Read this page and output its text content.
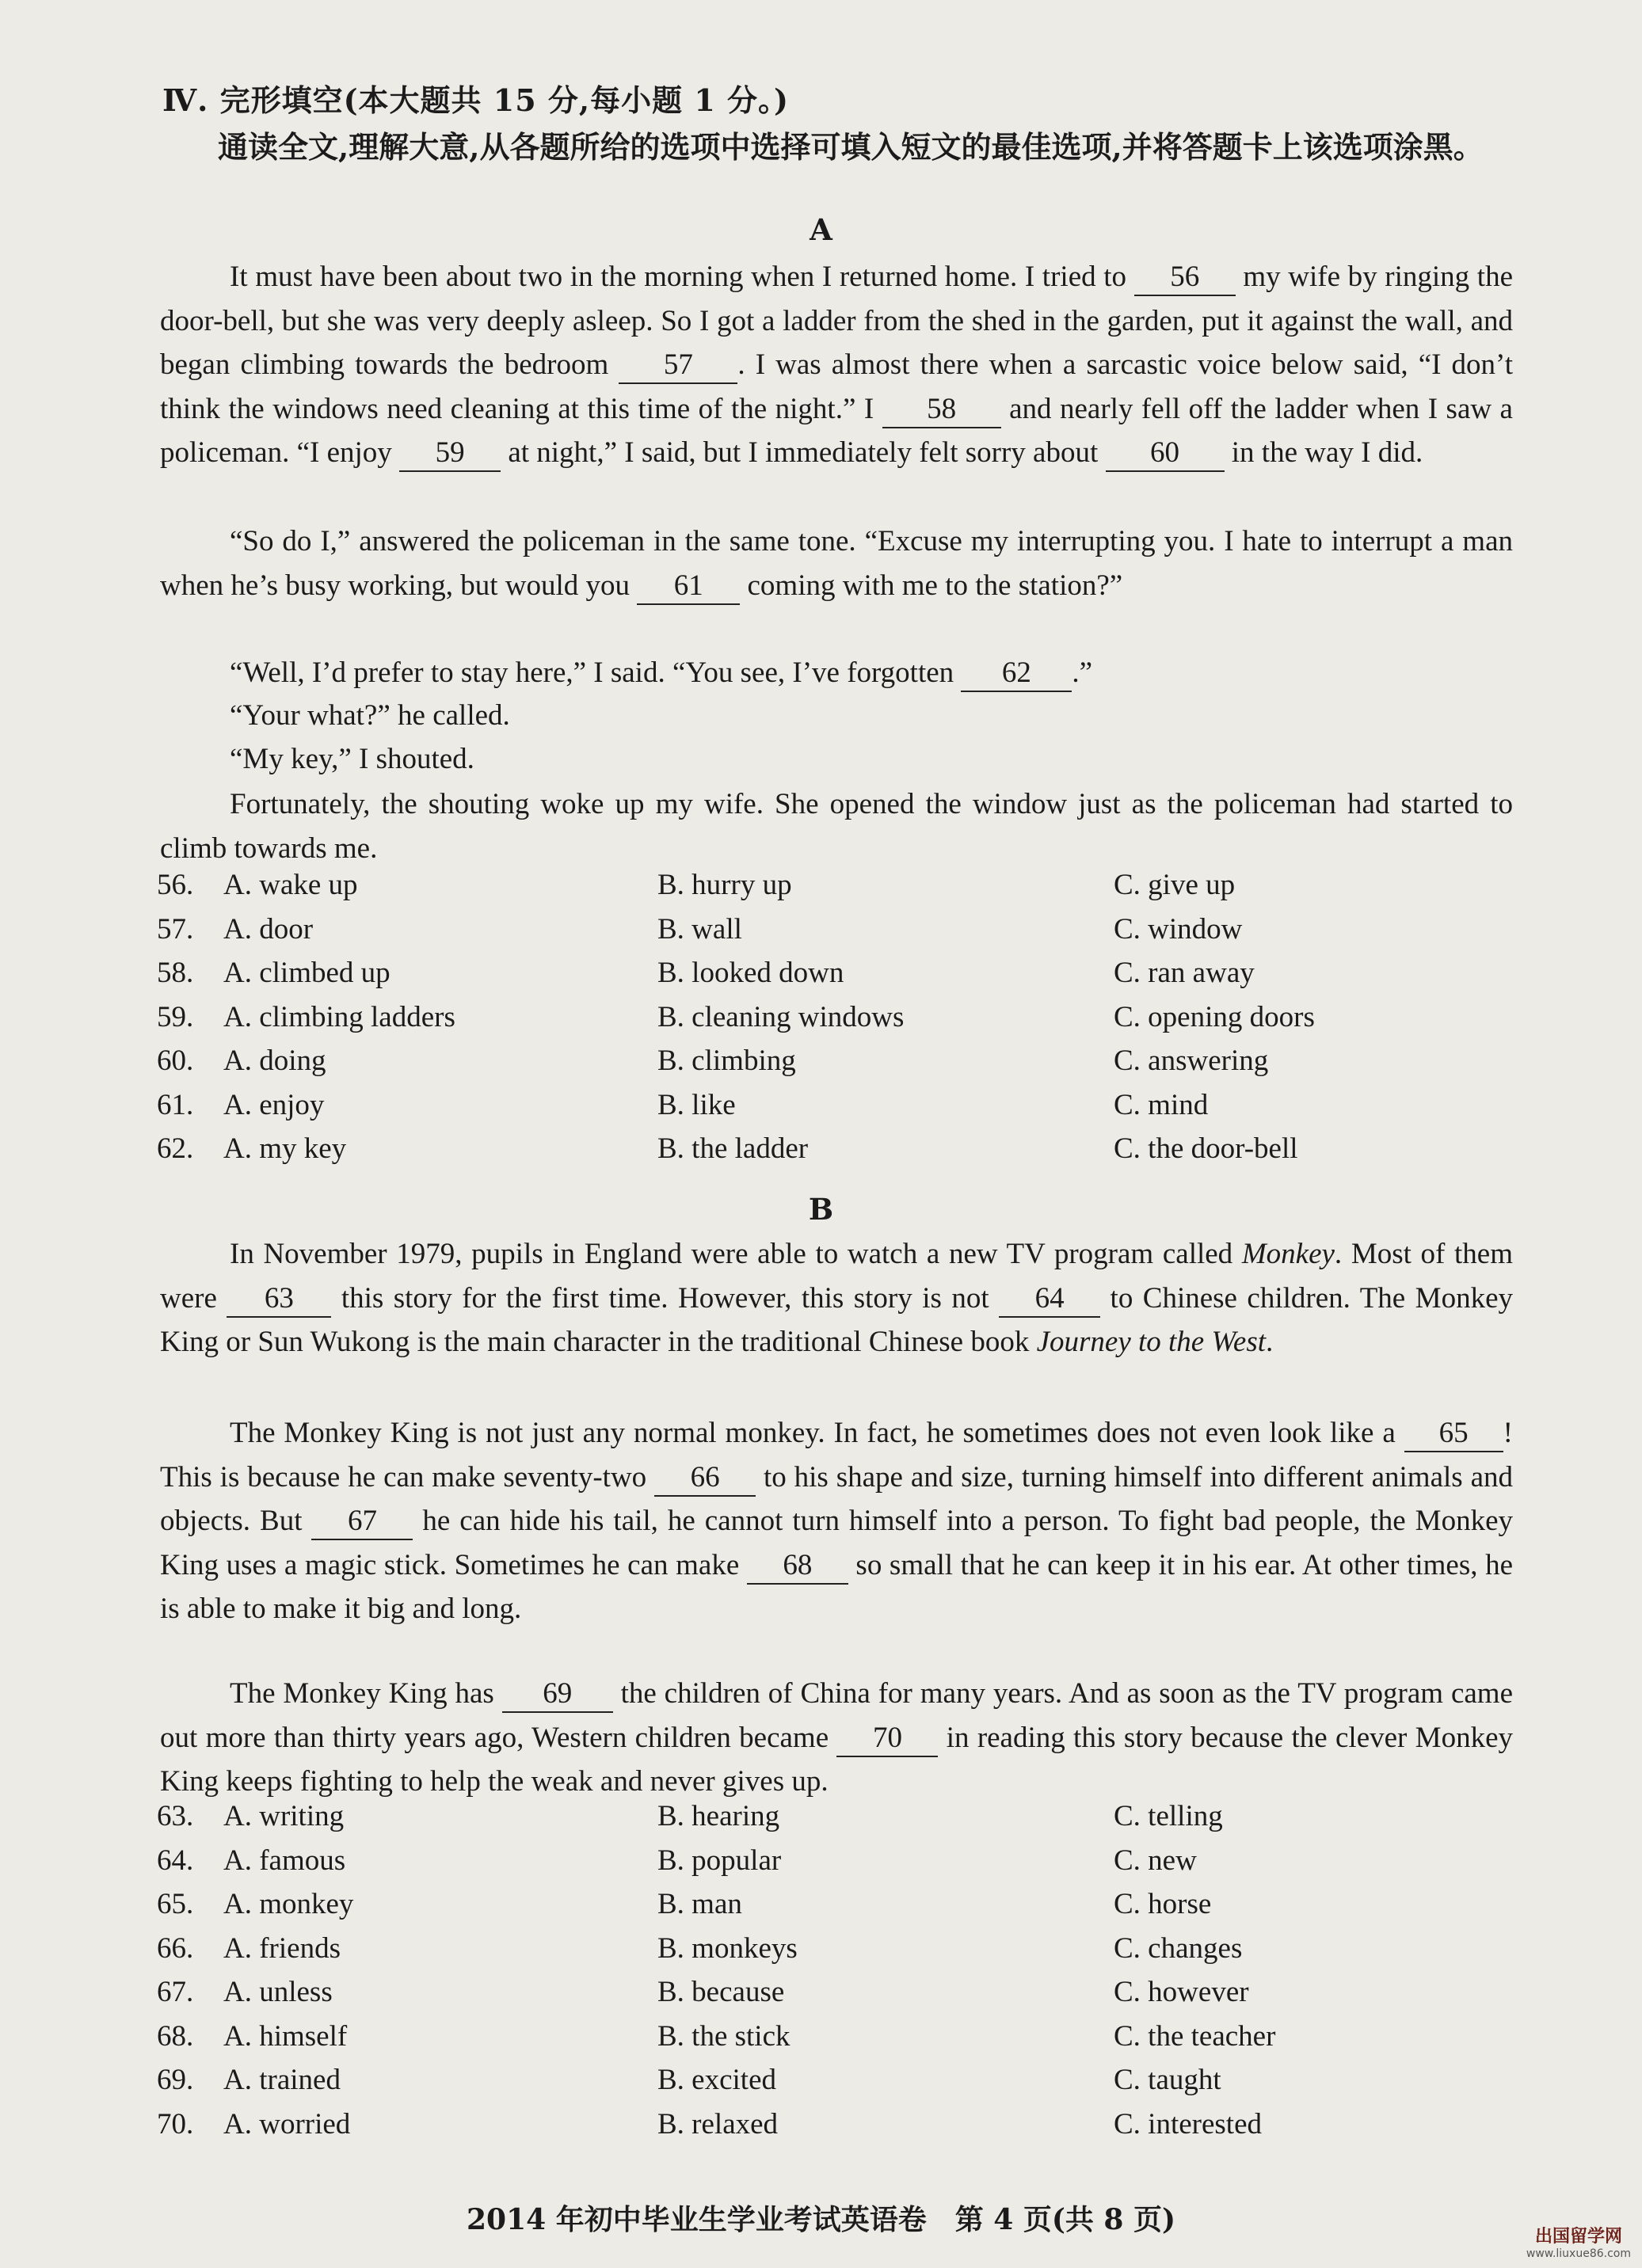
Ⅳ. 完形填空(本大题共 15 分,每小题 1 分。)
通读全文,理解大意,从各题所给的选项中选择可填入短文的最佳选项,并将答题卡上该选项涂黑。
A
It must have been about two in the morning when I returned home. I tried to 56 my wife by ringing the door-bell, but she was very deeply asleep. So I got a ladder from the shed in the garden, put it against the wall, and began climbing towards the bedroom 57 . I was almost there when a sarcastic voice below said, “I don’t think the windows need cleaning at this time of the night.” I 58 and nearly fell off the ladder when I saw a policeman. “I enjoy 59 at night,” I said, but I immediately felt sorry about 60 in the way I did.
“So do I,” answered the policeman in the same tone. “Excuse my interrupting you. I hate to interrupt a man when he’s busy working, but would you 61 coming with me to the station?”
“Well, I’d prefer to stay here,” I said. “You see, I’ve forgotten 62 .”
“Your what?” he called.
“My key,” I shouted.
Fortunately, the shouting woke up my wife. She opened the window just as the policeman had started to climb towards me.
56. A. wake up	B. hurry up	C. give up
57. A. door	B. wall	C. window
58. A. climbed up	B. looked down	C. ran away
59. A. climbing ladders	B. cleaning windows	C. opening doors
60. A. doing	B. climbing	C. answering
61. A. enjoy	B. like	C. mind
62. A. my key	B. the ladder	C. the door-bell
B
In November 1979, pupils in England were able to watch a new TV program called Monkey. Most of them were 63 this story for the first time. However, this story is not 64 to Chinese children. The Monkey King or Sun Wukong is the main character in the traditional Chinese book Journey to the West.
The Monkey King is not just any normal monkey. In fact, he sometimes does not even look like a 65 ! This is because he can make seventy-two 66 to his shape and size, turning himself into different animals and objects. But 67 he can hide his tail, he cannot turn himself into a person. To fight bad people, the Monkey King uses a magic stick. Sometimes he can make 68 so small that he can keep it in his ear. At other times, he is able to make it big and long.
The Monkey King has 69 the children of China for many years. And as soon as the TV program came out more than thirty years ago, Western children became 70 in reading this story because the clever Monkey King keeps fighting to help the weak and never gives up.
63. A. writing	B. hearing	C. telling
64. A. famous	B. popular	C. new
65. A. monkey	B. man	C. horse
66. A. friends	B. monkeys	C. changes
67. A. unless	B. because	C. however
68. A. himself	B. the stick	C. the teacher
69. A. trained	B. excited	C. taught
70. A. worried	B. relaxed	C. interested
2014 年初中毕业生学业考试英语卷　第 4 页(共 8 页)
出国留学网
www.liuxue86.com
